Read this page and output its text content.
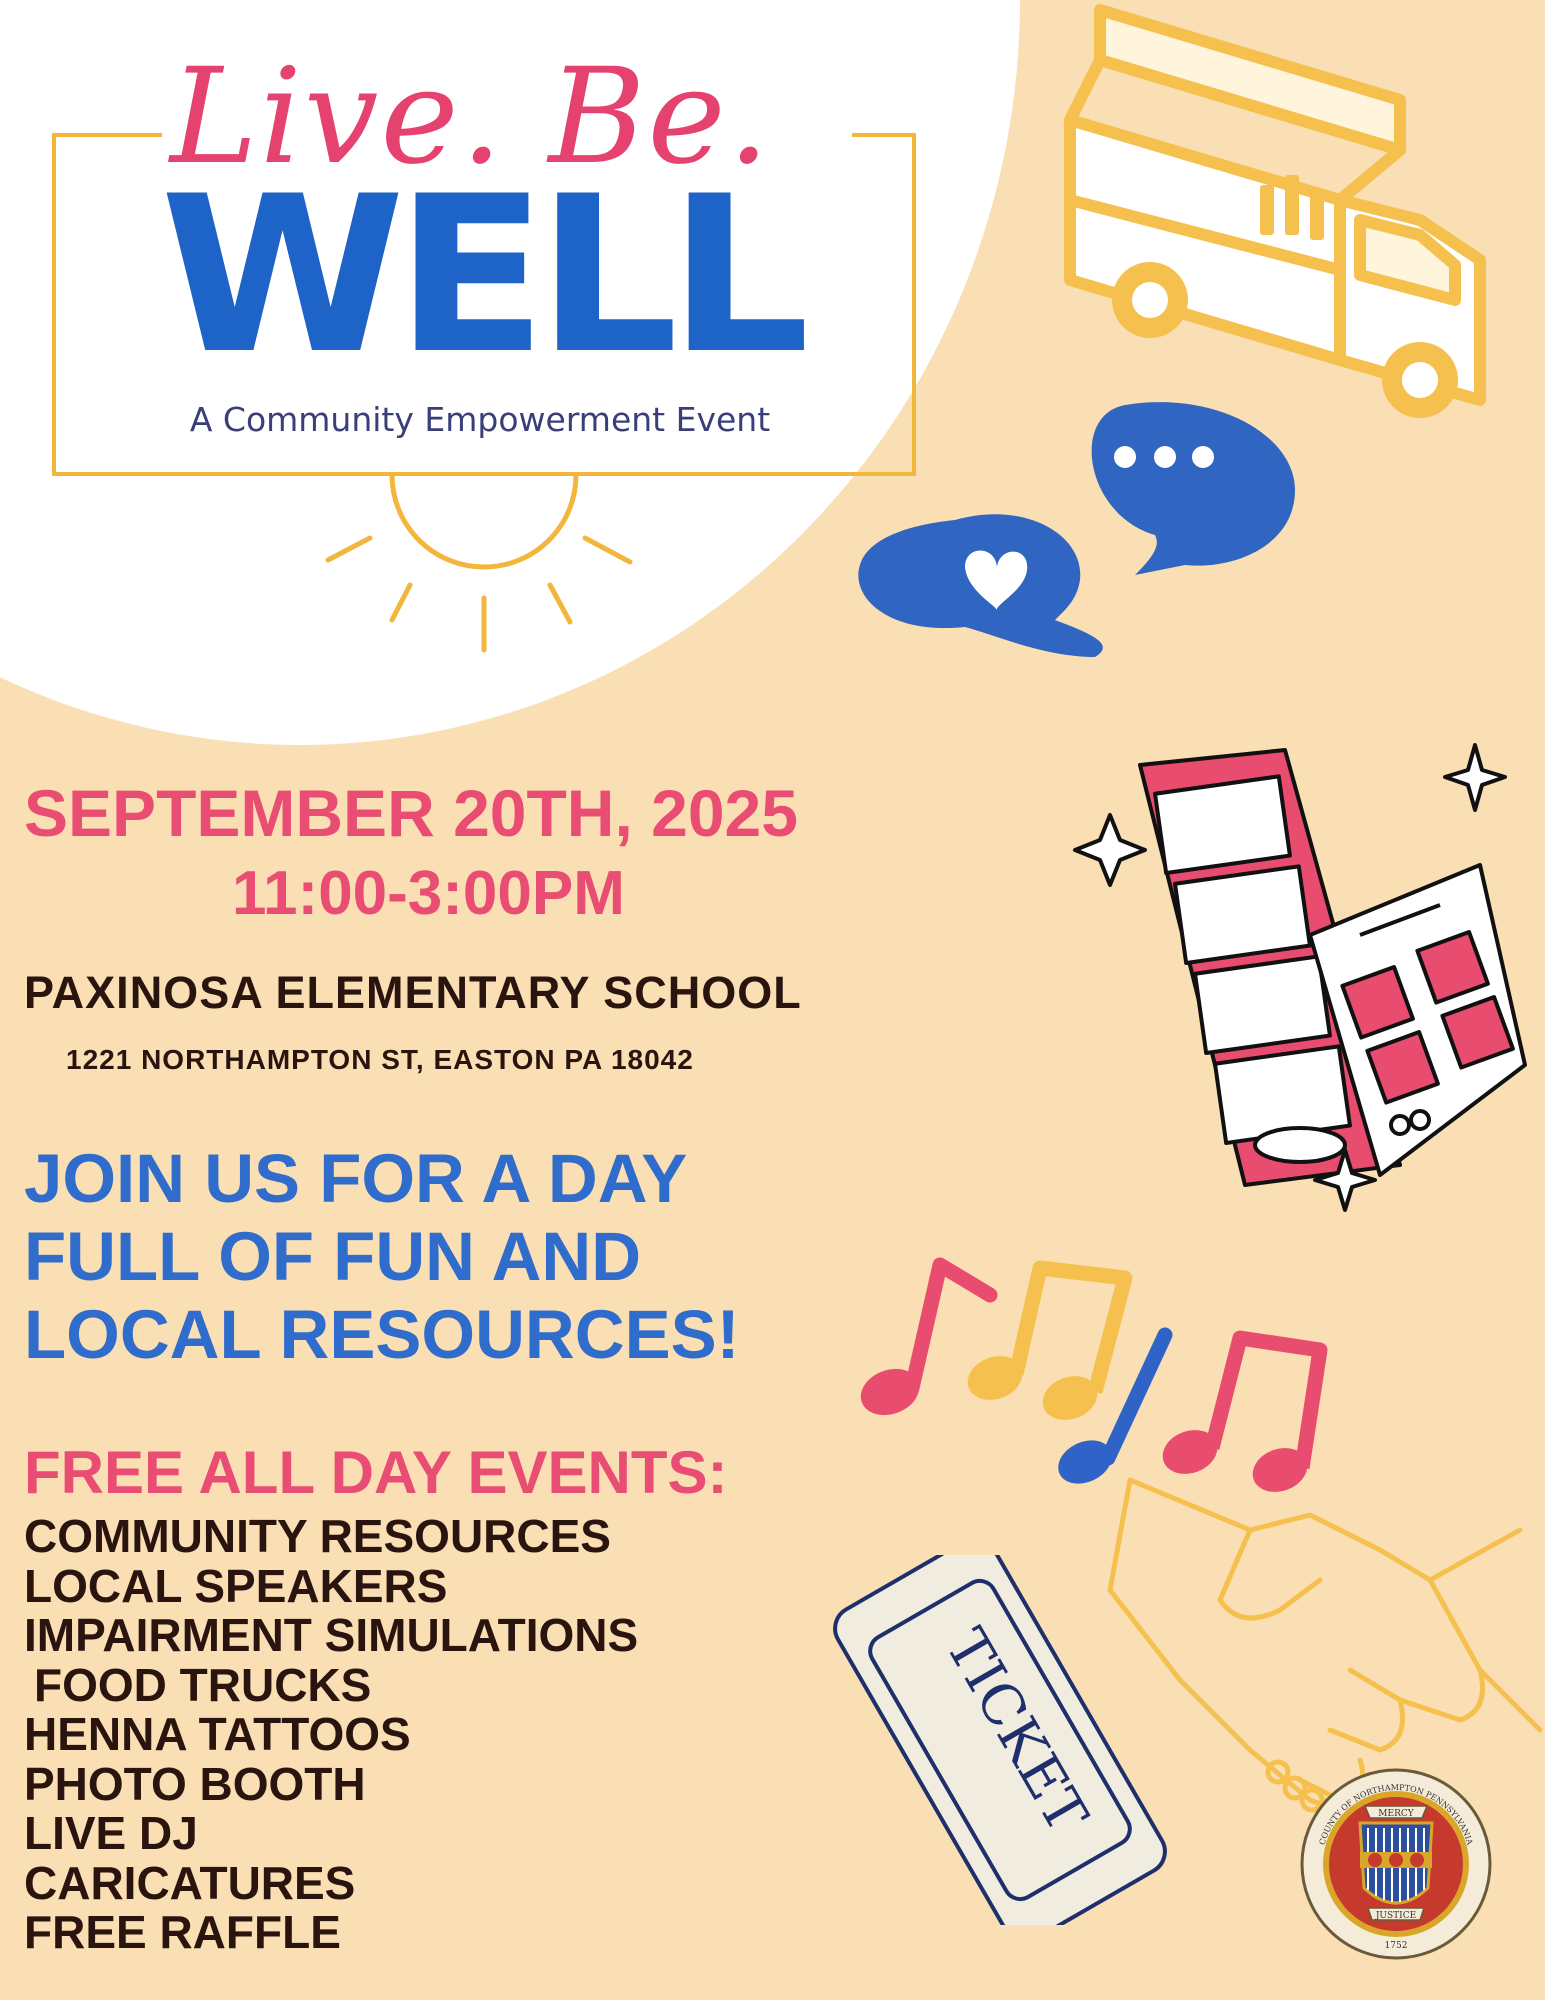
Live. Be.
WELL
A Community Empowerment Event
TICKET	MERCY
JUSTICE
1752
COUNTY OF NORTHAMPTON PENNSYLVANIA
SEPTEMBER 20TH, 2025
11:00-3:00PM
PAXINOSA ELEMENTARY SCHOOL
1221 NORTHAMPTON ST, EASTON PA 18042
JOIN US FOR A DAY
FULL OF FUN AND
LOCAL RESOURCES!
FREE ALL DAY EVENTS:
COMMUNITY RESOURCES
LOCAL SPEAKERS
IMPAIRMENT SIMULATIONS
FOOD TRUCKS
HENNA TATTOOS
PHOTO BOOTH
LIVE DJ
CARICATURES
FREE RAFFLE
